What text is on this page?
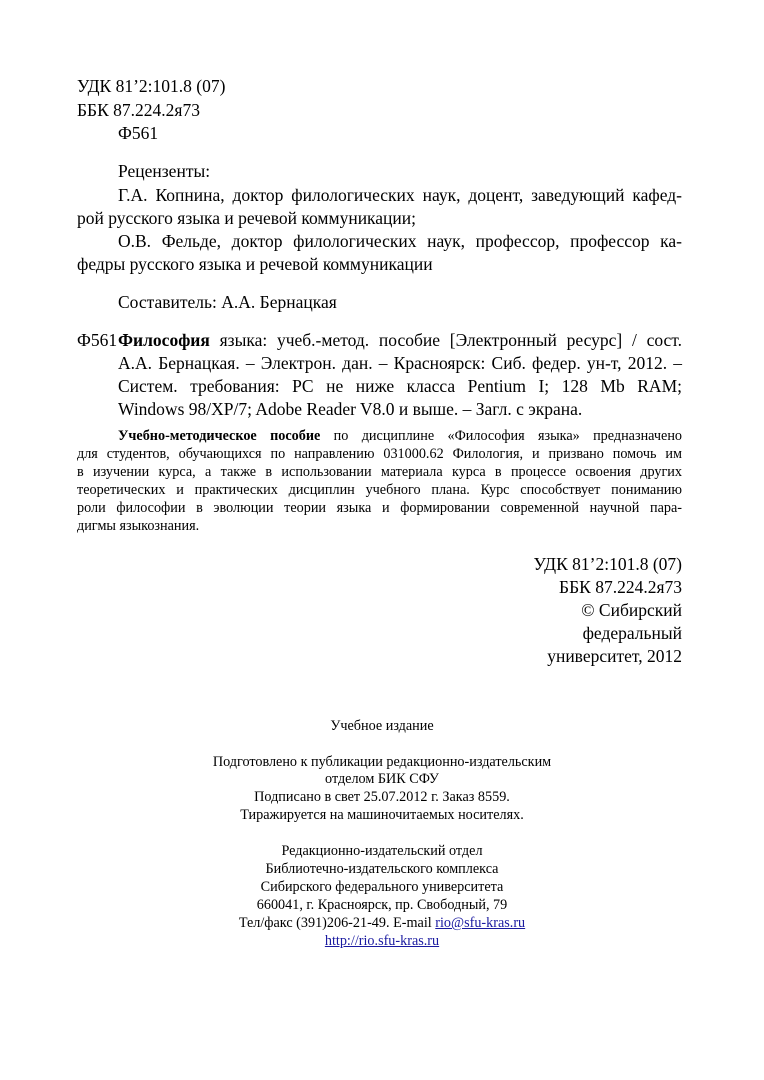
УДК 81’2:101.8 (07)
ББК 87.224.2я73
Ф561
Рецензенты:
Г.А. Копнина, доктор филологических наук, доцент, заведующий кафед-
рой русского языка и речевой коммуникации;
О.В. Фельде, доктор филологических наук, профессор, профессор ка-
федры русского языка и речевой коммуникации
Составитель: А.А. Бернацкая
Ф561 Философия языка: учеб.-метод. пособие [Электронный ресурс] / сост.
А.А. Бернацкая. – Электрон. дан. – Красноярск: Сиб. федер. ун-т, 2012. –
Систем. требования: PC не ниже класса Pentium I; 128 Mb RAM;
Windows 98/XP/7; Adobe Reader V8.0 и выше. – Загл. с экрана.
Учебно-методическое пособие по дисциплине «Философия языка» предназначено
для студентов, обучающихся по направлению 031000.62 Филология, и призвано помочь им
в изучении курса, а также в использовании материала курса в процессе освоения других
теоретических и практических дисциплин учебного плана. Курс способствует пониманию
роли философии в эволюции теории языка и формировании современной научной пара-
дигмы языкознания.
УДК 81’2:101.8 (07)
ББК 87.224.2я73
© Сибирский
федеральный
университет, 2012
Учебное издание
Подготовлено к публикации редакционно-издательским
отделом БИК СФУ
Подписано в свет 25.07.2012 г. Заказ 8559.
Тиражируется на машиночитаемых носителях.
Редакционно-издательский отдел
Библиотечно-издательского комплекса
Сибирского федерального университета
660041, г. Красноярск, пр. Свободный, 79
Тел/факс (391)206-21-49. E-mail rio@sfu-kras.ru
http://rio.sfu-kras.ru
